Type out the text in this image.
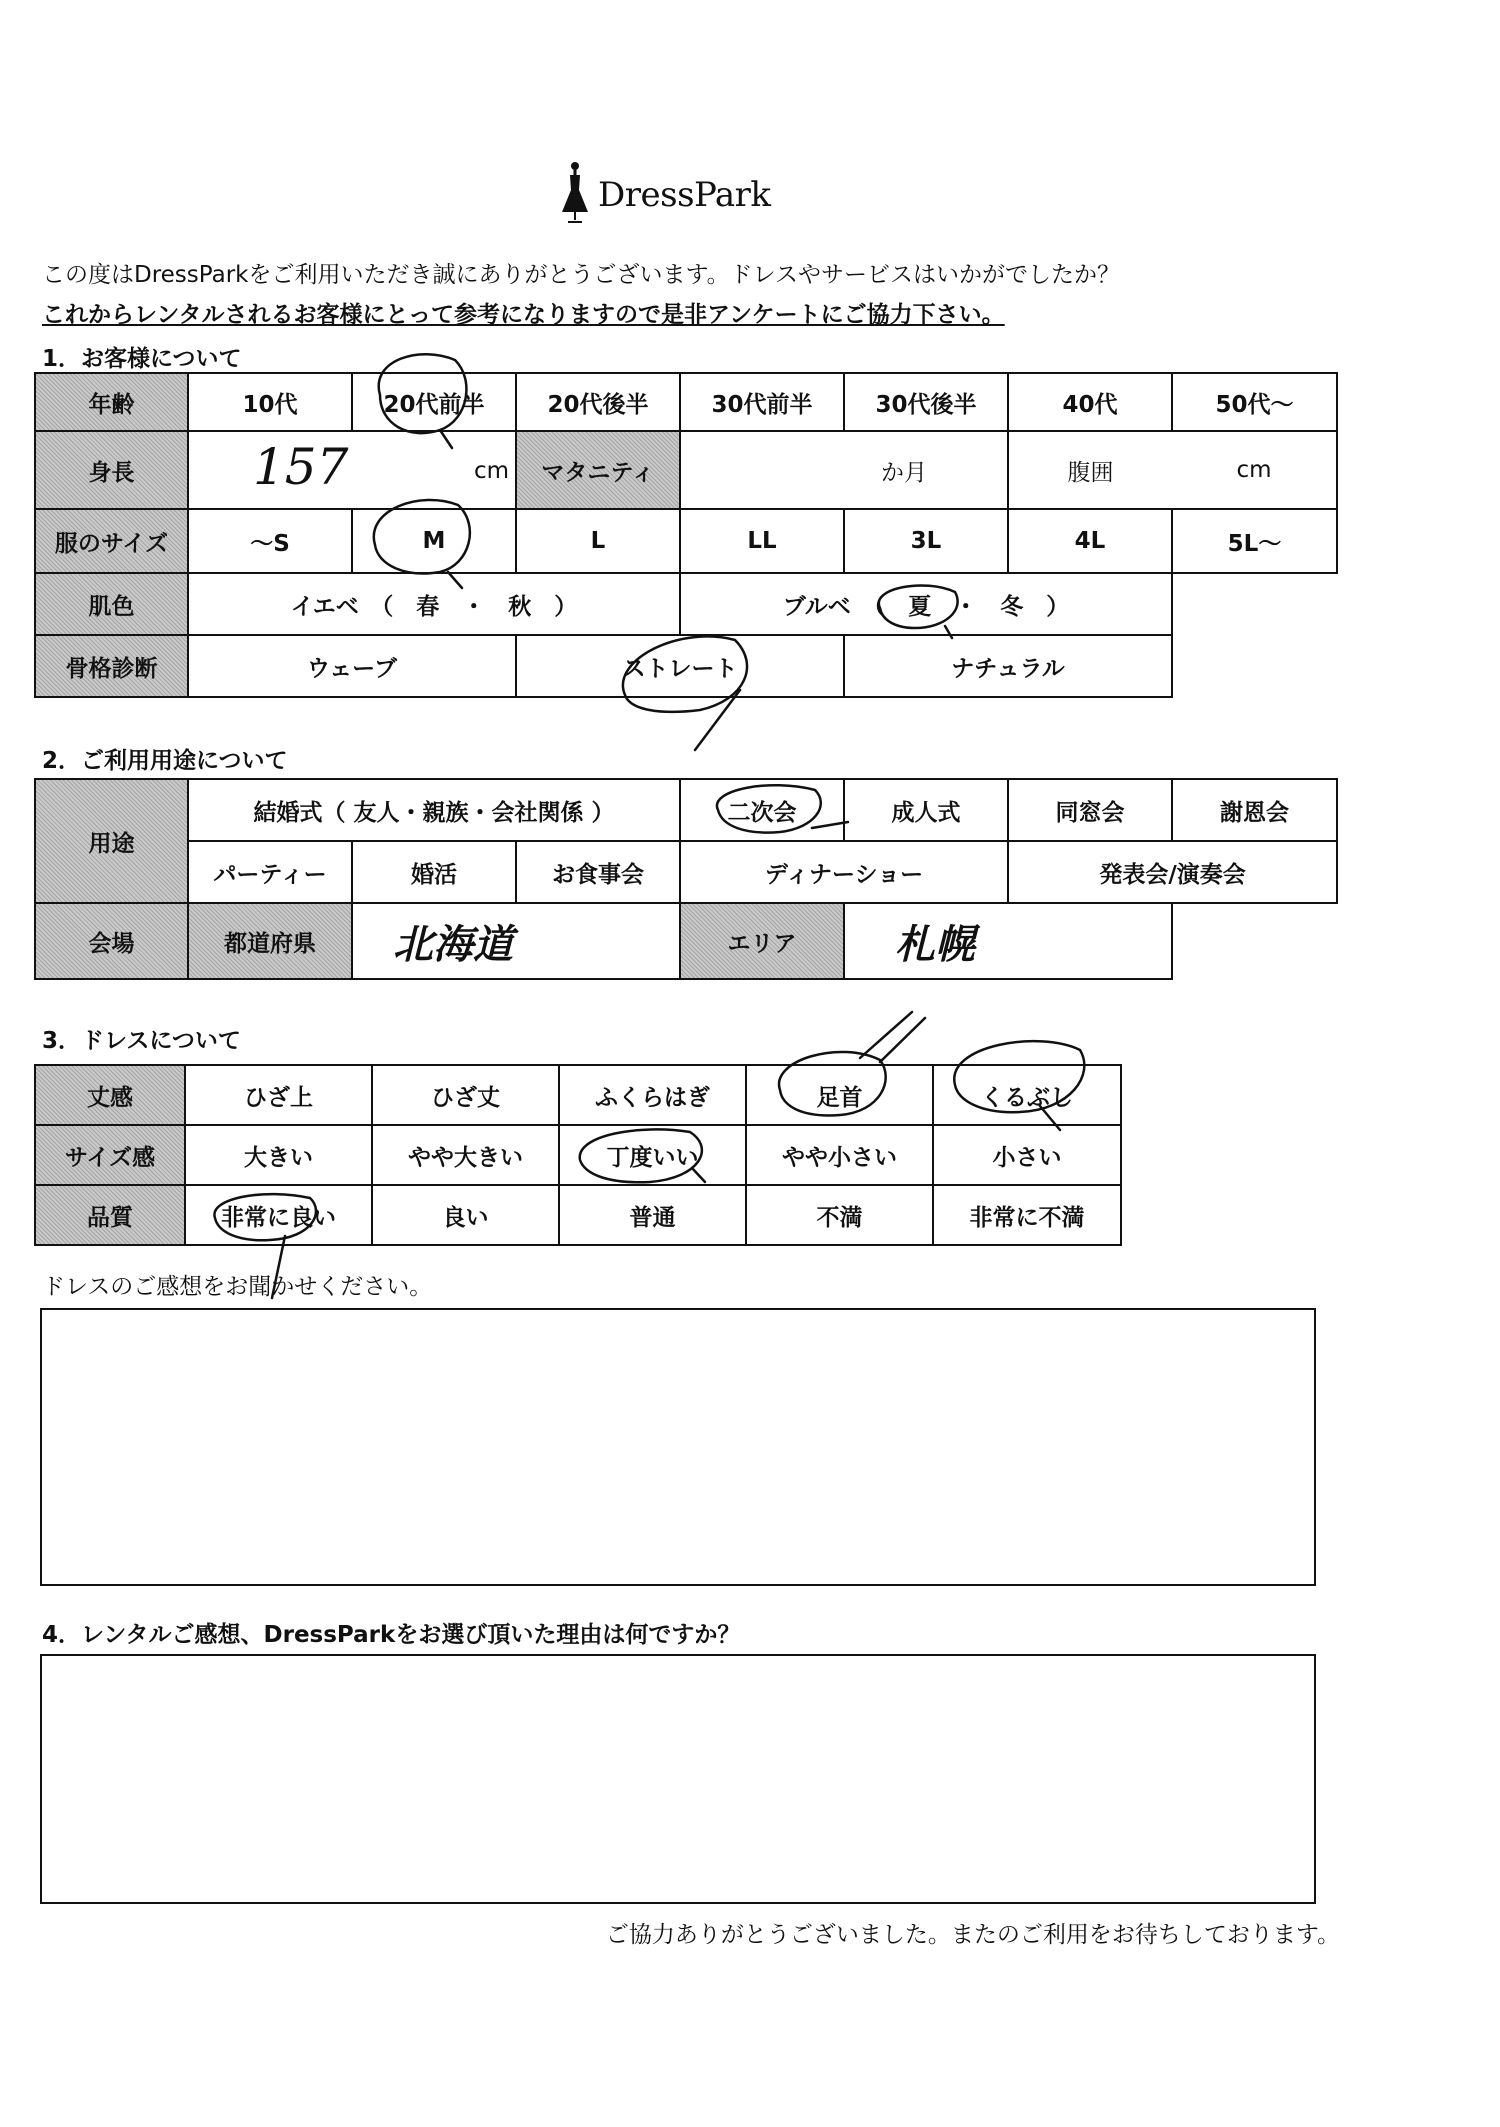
DressPark
この度はDressParkをご利用いただき誠にありがとうございます。ドレスやサービスはいかがでしたか？
これからレンタルされるお客様にとって参考になりますので是非アンケートにご協力下さい。
1．お客様について
年齢	10代	20代前半	20代後半	30代前半	30代後半	40代	50代～
身長	157 cm		マタニティ	か月		腹囲	cm
服のサイズ	～S	M	L	LL	3L	4L	5L～
肌色	イエベ　（　春　・　秋　）			ブルベ　（　夏　・　冬　）			
骨格診断	ウェーブ		ストレート		ナチュラル		
2．ご利用用途について
用途	結婚式（ 友人・親族・会社関係 ）			二次会	成人式	同窓会	謝恩会
	パーティー	婚活	お食事会	ディナーショー		発表会/演奏会	
会場	都道府県	北海道		エリア	札幌		
3．ドレスについて
丈感	ひざ上	ひざ丈	ふくらはぎ	足首	くるぶし
サイズ感	大きい	やや大きい	丁度いい	やや小さい	小さい
品質	非常に良い	良い	普通	不満	非常に不満
ドレスのご感想をお聞かせください。
4．レンタルご感想、DressParkをお選び頂いた理由は何ですか？
ご協力ありがとうございました。またのご利用をお待ちしております。
